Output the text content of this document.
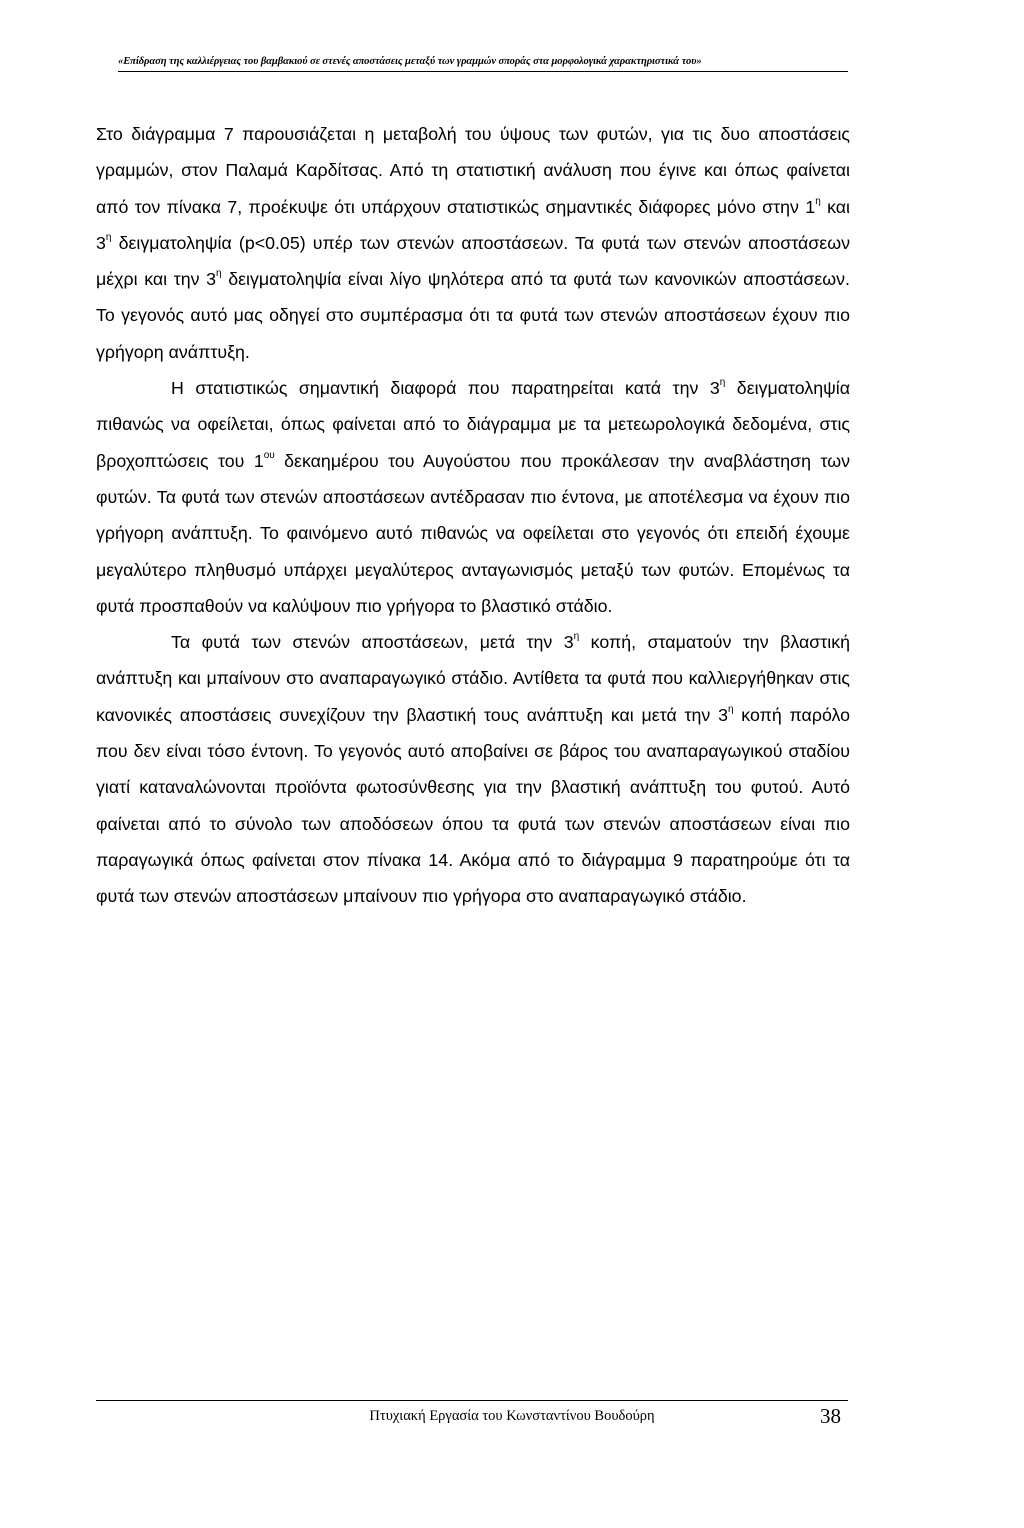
«Επίδραση της καλλιέργειας του βαμβακιού σε στενές αποστάσεις μεταξύ των γραμμών σποράς στα μορφολογικά χαρακτηριστικά του»

Στο διάγραμμα 7 παρουσιάζεται η μεταβολή του ύψους των φυτών, για τις δυο αποστάσεις γραμμών, στον Παλαμά Καρδίτσας. Από τη στατιστική ανάλυση που έγινε και όπως φαίνεται από τον πίνακα 7, προέκυψε ότι υπάρχουν στατιστικώς σημαντικές διάφορες μόνο στην $1^\eta$ και $3^\eta$ δειγματοληψία (p<0.05) υπέρ των στενών αποστάσεων. Τα φυτά των στενών αποστάσεων μέχρι και την $3^\eta$ δειγματοληψία είναι λίγο ψηλότερα από τα φυτά των κανονικών αποστάσεων. Το γεγονός αυτό μας οδηγεί στο συμπέρασμα ότι τα φυτά των στενών αποστάσεων έχουν πιο γρήγορη ανάπτυξη.

Η στατιστικώς σημαντική διαφορά που παρατηρείται κατά την $3^\eta$ δειγματοληψία πιθανώς να οφείλεται, όπως φαίνεται από το διάγραμμα με τα μετεωρολογικά δεδομένα, στις βροχοπτώσεις του $1^{o\upsilon}$ δεκαημέρου του Αυγούστου που προκάλεσαν την αναβλάστηση των φυτών. Τα φυτά των στενών αποστάσεων αντέδρασαν πιο έντονα, με αποτέλεσμα να έχουν πιο γρήγορη ανάπτυξη. Το φαινόμενο αυτό πιθανώς να οφείλεται στο γεγονός ότι επειδή έχουμε μεγαλύτερο πληθυσμό υπάρχει μεγαλύτερος ανταγωνισμός μεταξύ των φυτών. Επομένως τα φυτά προσπαθούν να καλύψουν πιο γρήγορα το βλαστικό στάδιο.

Τα φυτά των στενών αποστάσεων, μετά την $3^\eta$ κοπή, σταματούν την βλαστική ανάπτυξη και μπαίνουν στο αναπαραγωγικό στάδιο. Αντίθετα τα φυτά που καλλιεργήθηκαν στις κανονικές αποστάσεις συνεχίζουν την βλαστική τους ανάπτυξη και μετά την $3^\eta$ κοπή παρόλο που δεν είναι τόσο έντονη. Το γεγονός αυτό αποβαίνει σε βάρος του αναπαραγωγικού σταδίου γιατί καταναλώνονται προϊόντα φωτοσύνθεσης για την βλαστική ανάπτυξη του φυτού. Αυτό φαίνεται από το σύνολο των αποδόσεων όπου τα φυτά των στενών αποστάσεων είναι πιο παραγωγικά όπως φαίνεται στον πίνακα 14. Ακόμα από το διάγραμμα 9 παρατηρούμε ότι τα φυτά των στενών αποστάσεων μπαίνουν πιο γρήγορα στο αναπαραγωγικό στάδιο.

Πτυχιακή Εργασία του Κωνσταντίνου Βουδούρη	38
